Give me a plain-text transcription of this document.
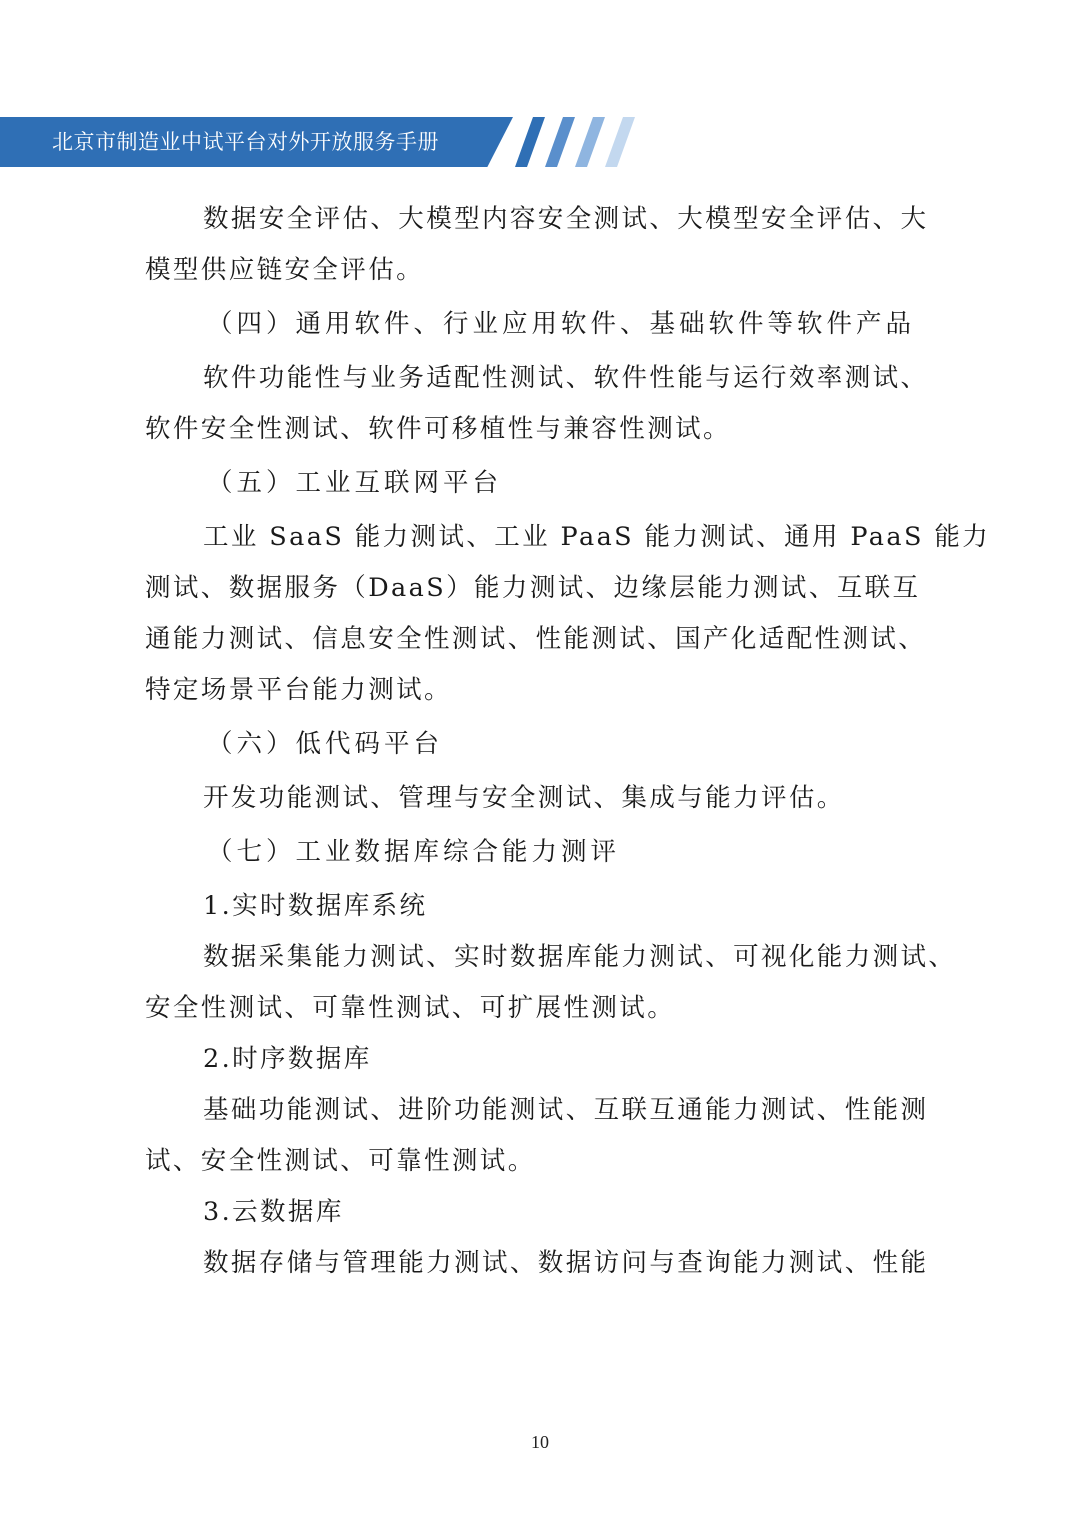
北京市制造业中试平台对外开放服务手册
数据安全评估、大模型内容安全测试、大模型安全评估、大
模型供应链安全评估。
（四）通用软件、行业应用软件、基础软件等软件产品
软件功能性与业务适配性测试、软件性能与运行效率测试、
软件安全性测试、软件可移植性与兼容性测试。
（五）工业互联网平台
工业 SaaS 能力测试、工业 PaaS 能力测试、通用 PaaS 能力
测试、数据服务（DaaS）能力测试、边缘层能力测试、互联互
通能力测试、信息安全性测试、性能测试、国产化适配性测试、
特定场景平台能力测试。
（六）低代码平台
开发功能测试、管理与安全测试、集成与能力评估。
（七）工业数据库综合能力测评
1.实时数据库系统
数据采集能力测试、实时数据库能力测试、可视化能力测试、
安全性测试、可靠性测试、可扩展性测试。
2.时序数据库
基础功能测试、进阶功能测试、互联互通能力测试、性能测
试、安全性测试、可靠性测试。
3.云数据库
数据存储与管理能力测试、数据访问与查询能力测试、性能
10
